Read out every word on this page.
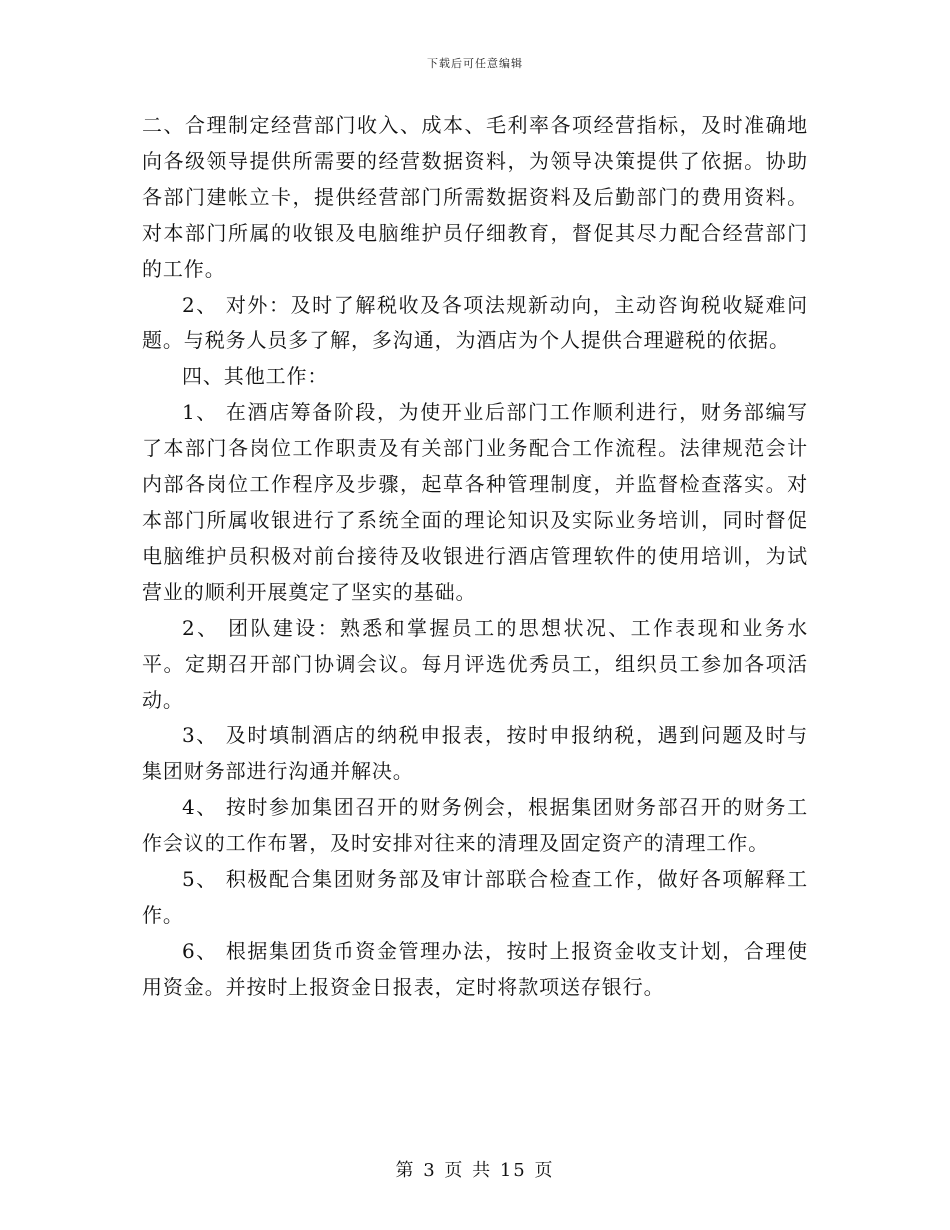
下载后可任意编辑

二、合理制定经营部门收入、成本、毛利率各项经营指标，及时准确地向各级领导提供所需要的经营数据资料，为领导决策提供了依据。协助各部门建帐立卡，提供经营部门所需数据资料及后勤部门的费用资料。对本部门所属的收银及电脑维护员仔细教育，督促其尽力配合经营部门的工作。

2、 对外：及时了解税收及各项法规新动向，主动咨询税收疑难问题。与税务人员多了解，多沟通，为酒店为个人提供合理避税的依据。

四、其他工作：

1、 在酒店筹备阶段，为使开业后部门工作顺利进行，财务部编写了本部门各岗位工作职责及有关部门业务配合工作流程。法律规范会计内部各岗位工作程序及步骤，起草各种管理制度，并监督检查落实。对本部门所属收银进行了系统全面的理论知识及实际业务培训，同时督促电脑维护员积极对前台接待及收银进行酒店管理软件的使用培训，为试营业的顺利开展奠定了坚实的基础。

2、 团队建设：熟悉和掌握员工的思想状况、工作表现和业务水平。定期召开部门协调会议。每月评选优秀员工，组织员工参加各项活动。

3、 及时填制酒店的纳税申报表，按时申报纳税，遇到问题及时与集团财务部进行沟通并解决。

4、 按时参加集团召开的财务例会，根据集团财务部召开的财务工作会议的工作布署，及时安排对往来的清理及固定资产的清理工作。

5、 积极配合集团财务部及审计部联合检查工作，做好各项解释工作。

6、 根据集团货币资金管理办法，按时上报资金收支计划，合理使用资金。并按时上报资金日报表，定时将款项送存银行。

第 3 页 共 15 页
